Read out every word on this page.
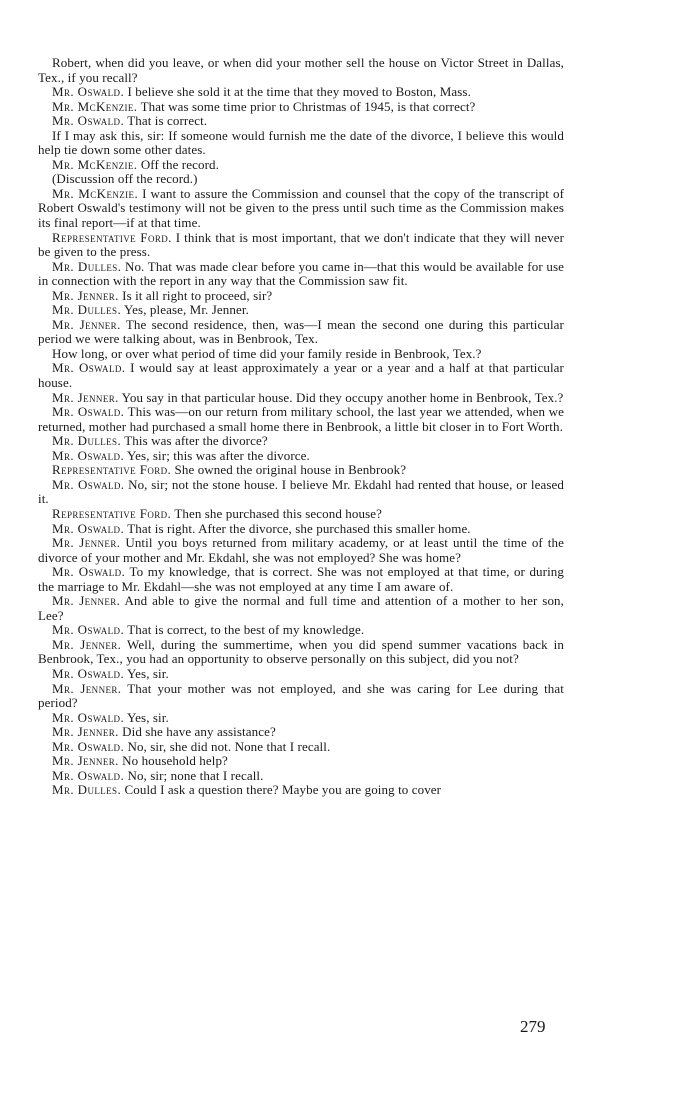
Robert, when did you leave, or when did your mother sell the house on Victor Street in Dallas, Tex., if you recall?

Mr. Oswald. I believe she sold it at the time that they moved to Boston, Mass.

Mr. McKenzie. That was some time prior to Christmas of 1945, is that correct?

Mr. Oswald. That is correct.

If I may ask this, sir: If someone would furnish me the date of the divorce, I believe this would help tie down some other dates.

Mr. McKenzie. Off the record.

(Discussion off the record.)

Mr. McKenzie. I want to assure the Commission and counsel that the copy of the transcript of Robert Oswald's testimony will not be given to the press until such time as the Commission makes its final report—if at that time.

Representative Ford. I think that is most important, that we don't indicate that they will never be given to the press.

Mr. Dulles. No. That was made clear before you came in—that this would be available for use in connection with the report in any way that the Commission saw fit.

Mr. Jenner. Is it all right to proceed, sir?

Mr. Dulles. Yes, please, Mr. Jenner.

Mr. Jenner. The second residence, then, was—I mean the second one during this particular period we were talking about, was in Benbrook, Tex.

How long, or over what period of time did your family reside in Benbrook, Tex.?

Mr. Oswald. I would say at least approximately a year or a year and a half at that particular house.

Mr. Jenner. You say in that particular house. Did they occupy another home in Benbrook, Tex.?

Mr. Oswald. This was—on our return from military school, the last year we attended, when we returned, mother had purchased a small home there in Benbrook, a little bit closer in to Fort Worth.

Mr. Dulles. This was after the divorce?

Mr. Oswald. Yes, sir; this was after the divorce.

Representative Ford. She owned the original house in Benbrook?

Mr. Oswald. No, sir; not the stone house. I believe Mr. Ekdahl had rented that house, or leased it.

Representative Ford. Then she purchased this second house?

Mr. Oswald. That is right. After the divorce, she purchased this smaller home.

Mr. Jenner. Until you boys returned from military academy, or at least until the time of the divorce of your mother and Mr. Ekdahl, she was not employed? She was home?

Mr. Oswald. To my knowledge, that is correct. She was not employed at that time, or during the marriage to Mr. Ekdahl—she was not employed at any time I am aware of.

Mr. Jenner. And able to give the normal and full time and attention of a mother to her son, Lee?

Mr. Oswald. That is correct, to the best of my knowledge.

Mr. Jenner. Well, during the summertime, when you did spend summer vacations back in Benbrook, Tex., you had an opportunity to observe personally on this subject, did you not?

Mr. Oswald. Yes, sir.

Mr. Jenner. That your mother was not employed, and she was caring for Lee during that period?

Mr. Oswald. Yes, sir.

Mr. Jenner. Did she have any assistance?

Mr. Oswald. No, sir, she did not. None that I recall.

Mr. Jenner. No household help?

Mr. Oswald. No, sir; none that I recall.

Mr. Dulles. Could I ask a question there? Maybe you are going to cover

279
